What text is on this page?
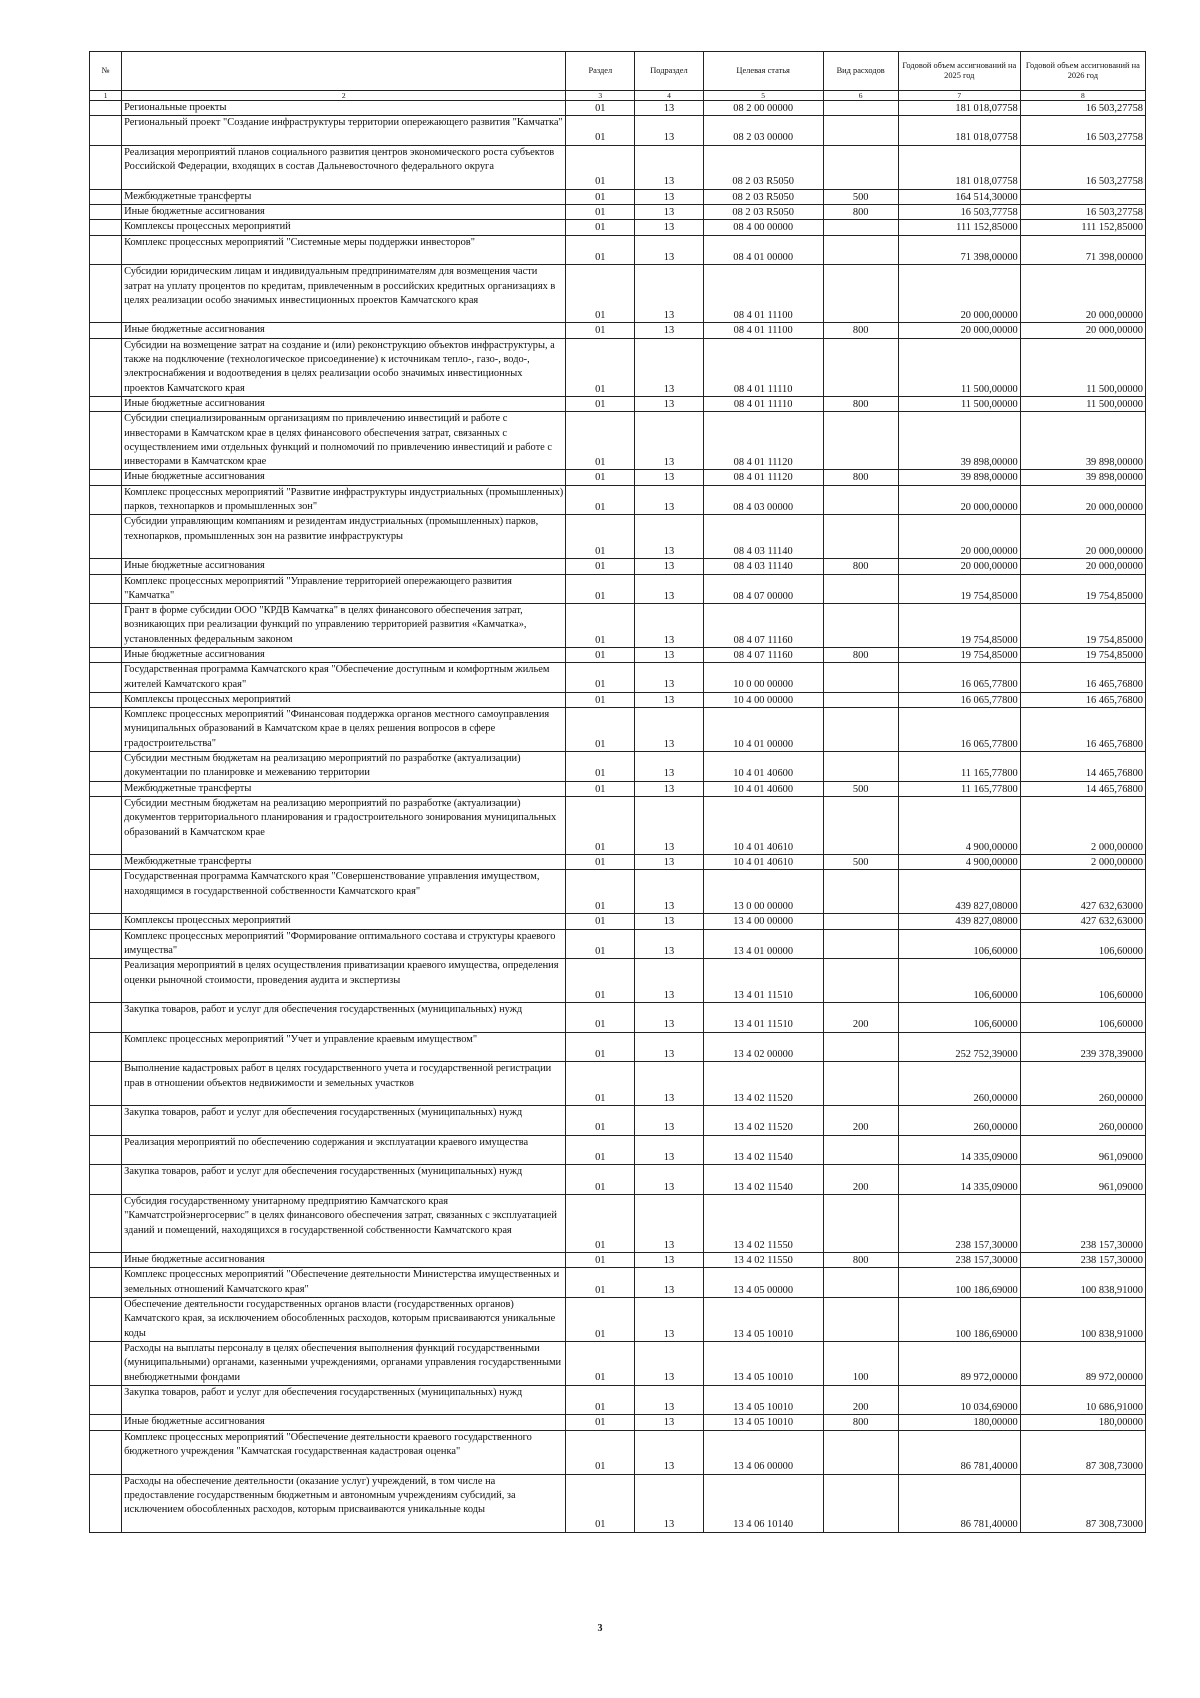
№		Раздел	Подраздел	Целевая статья	Вид расходов	Годовой объем ассигнований на 2025 год	Годовой объем ассигнований на 2026 год
1	2	3	4	5	6	7	8
	Региональные проекты	01	13	08 2 00 00000		181 018,07758	16 503,27758
	Региональный проект "Создание инфраструктуры территории опережающего развития "Камчатка"	01	13	08 2 03 00000		181 018,07758	16 503,27758
	Реализация мероприятий планов социального развития центров экономического роста субъектов Российской Федерации, входящих в состав Дальневосточного федерального округа	01	13	08 2 03 R5050		181 018,07758	16 503,27758
	Межбюджетные трансферты	01	13	08 2 03 R5050	500	164 514,30000	
	Иные бюджетные ассигнования	01	13	08 2 03 R5050	800	16 503,77758	16 503,27758
	Комплексы процессных мероприятий	01	13	08 4 00 00000		111 152,85000	111 152,85000
	Комплекс процессных мероприятий "Системные меры поддержки инвесторов"	01	13	08 4 01 00000		71 398,00000	71 398,00000
	Субсидии юридическим лицам и индивидуальным предпринимателям для возмещения части затрат на уплату процентов по кредитам, привлеченным в российских кредитных организациях в целях реализации особо значимых инвестиционных проектов Камчатского края	01	13	08 4 01 11100		20 000,00000	20 000,00000
	Иные бюджетные ассигнования	01	13	08 4 01 11100	800	20 000,00000	20 000,00000
	Субсидии на возмещение затрат на создание и (или) реконструкцию объектов инфраструктуры, а также на подключение (технологическое присоединение) к источникам тепло-, газо-, водо-, электроснабжения и водоотведения в целях реализации особо значимых инвестиционных проектов Камчатского края	01	13	08 4 01 11110		11 500,00000	11 500,00000
	Иные бюджетные ассигнования	01	13	08 4 01 11110	800	11 500,00000	11 500,00000
	Субсидии специализированным организациям по привлечению инвестиций и работе с инвесторами в Камчатском крае в целях финансового обеспечения затрат, связанных с осуществлением ими отдельных функций и полномочий по привлечению инвестиций и работе с инвесторами в Камчатском крае	01	13	08 4 01 11120		39 898,00000	39 898,00000
	Иные бюджетные ассигнования	01	13	08 4 01 11120	800	39 898,00000	39 898,00000
	Комплекс процессных мероприятий "Развитие инфраструктуры индустриальных (промышленных) парков, технопарков и промышленных зон"	01	13	08 4 03 00000		20 000,00000	20 000,00000
	Субсидии управляющим компаниям и резидентам индустриальных (промышленных) парков, технопарков, промышленных зон на развитие инфраструктуры	01	13	08 4 03 11140		20 000,00000	20 000,00000
	Иные бюджетные ассигнования	01	13	08 4 03 11140	800	20 000,00000	20 000,00000
	Комплекс процессных мероприятий "Управление территорией опережающего развития "Камчатка"	01	13	08 4 07 00000		19 754,85000	19 754,85000
	Грант в форме субсидии ООО "КРДВ Камчатка" в целях финансового обеспечения затрат, возникающих при реализации функций по управлению территорией развития «Камчатка», установленных федеральным законом	01	13	08 4 07 11160		19 754,85000	19 754,85000
	Иные бюджетные ассигнования	01	13	08 4 07 11160	800	19 754,85000	19 754,85000
	Государственная программа Камчатского края "Обеспечение доступным и комфортным жильем жителей Камчатского края"	01	13	10 0 00 00000		16 065,77800	16 465,76800
	Комплексы процессных мероприятий	01	13	10 4 00 00000		16 065,77800	16 465,76800
	Комплекс процессных мероприятий "Финансовая поддержка органов местного самоуправления муниципальных образований в Камчатском крае в целях решения вопросов в сфере градостроительства"	01	13	10 4 01 00000		16 065,77800	16 465,76800
	Субсидии местным бюджетам на реализацию мероприятий по разработке (актуализации) документации по планировке и межеванию территории	01	13	10 4 01 40600		11 165,77800	14 465,76800
	Межбюджетные трансферты	01	13	10 4 01 40600	500	11 165,77800	14 465,76800
	Субсидии местным бюджетам на реализацию мероприятий по разработке (актуализации) документов территориального планирования и градостроительного зонирования муниципальных образований в Камчатском крае	01	13	10 4 01 40610		4 900,00000	2 000,00000
	Межбюджетные трансферты	01	13	10 4 01 40610	500	4 900,00000	2 000,00000
	Государственная программа Камчатского края "Совершенствование управления имуществом, находящимся в государственной собственности Камчатского края"	01	13	13 0 00 00000		439 827,08000	427 632,63000
	Комплексы процессных мероприятий	01	13	13 4 00 00000		439 827,08000	427 632,63000
	Комплекс процессных мероприятий "Формирование оптимального состава и структуры краевого имущества"	01	13	13 4 01 00000		106,60000	106,60000
	Реализация мероприятий в целях осуществления приватизации краевого имущества, определения оценки рыночной стоимости, проведения аудита и экспертизы	01	13	13 4 01 11510		106,60000	106,60000
	Закупка товаров, работ и услуг для обеспечения государственных (муниципальных) нужд	01	13	13 4 01 11510	200	106,60000	106,60000
	Комплекс процессных мероприятий "Учет и управление краевым имуществом"	01	13	13 4 02 00000		252 752,39000	239 378,39000
	Выполнение кадастровых работ в целях государственного учета и государственной регистрации прав в отношении объектов недвижимости и земельных участков	01	13	13 4 02 11520		260,00000	260,00000
	Закупка товаров, работ и услуг для обеспечения государственных (муниципальных) нужд	01	13	13 4 02 11520	200	260,00000	260,00000
	Реализация мероприятий по обеспечению содержания и эксплуатации краевого имущества	01	13	13 4 02 11540		14 335,09000	961,09000
	Закупка товаров, работ и услуг для обеспечения государственных (муниципальных) нужд	01	13	13 4 02 11540	200	14 335,09000	961,09000
	Субсидия государственному унитарному предприятию Камчатского края "Камчатстройэнергосервис" в целях финансового обеспечения затрат, связанных с эксплуатацией зданий и помещений, находящихся в государственной собственности Камчатского края	01	13	13 4 02 11550		238 157,30000	238 157,30000
	Иные бюджетные ассигнования	01	13	13 4 02 11550	800	238 157,30000	238 157,30000
	Комплекс процессных мероприятий "Обеспечение деятельности Министерства имущественных и земельных отношений Камчатского края"	01	13	13 4 05 00000		100 186,69000	100 838,91000
	Обеспечение деятельности государственных органов власти (государственных органов) Камчатского края, за исключением обособленных расходов, которым присваиваются уникальные коды	01	13	13 4 05 10010		100 186,69000	100 838,91000
	Расходы на выплаты персоналу в целях обеспечения выполнения функций государственными (муниципальными) органами, казенными учреждениями, органами управления государственными внебюджетными фондами	01	13	13 4 05 10010	100	89 972,00000	89 972,00000
	Закупка товаров, работ и услуг для обеспечения государственных (муниципальных) нужд	01	13	13 4 05 10010	200	10 034,69000	10 686,91000
	Иные бюджетные ассигнования	01	13	13 4 05 10010	800	180,00000	180,00000
	Комплекс процессных мероприятий "Обеспечение деятельности краевого государственного бюджетного учреждения "Камчатская государственная кадастровая оценка"	01	13	13 4 06 00000		86 781,40000	87 308,73000
	Расходы на обеспечение деятельности (оказание услуг) учреждений, в том числе на предоставление государственным бюджетным и автономным учреждениям субсидий, за исключением обособленных расходов, которым присваиваются уникальные коды	01	13	13 4 06 10140		86 781,40000	87 308,73000
3
